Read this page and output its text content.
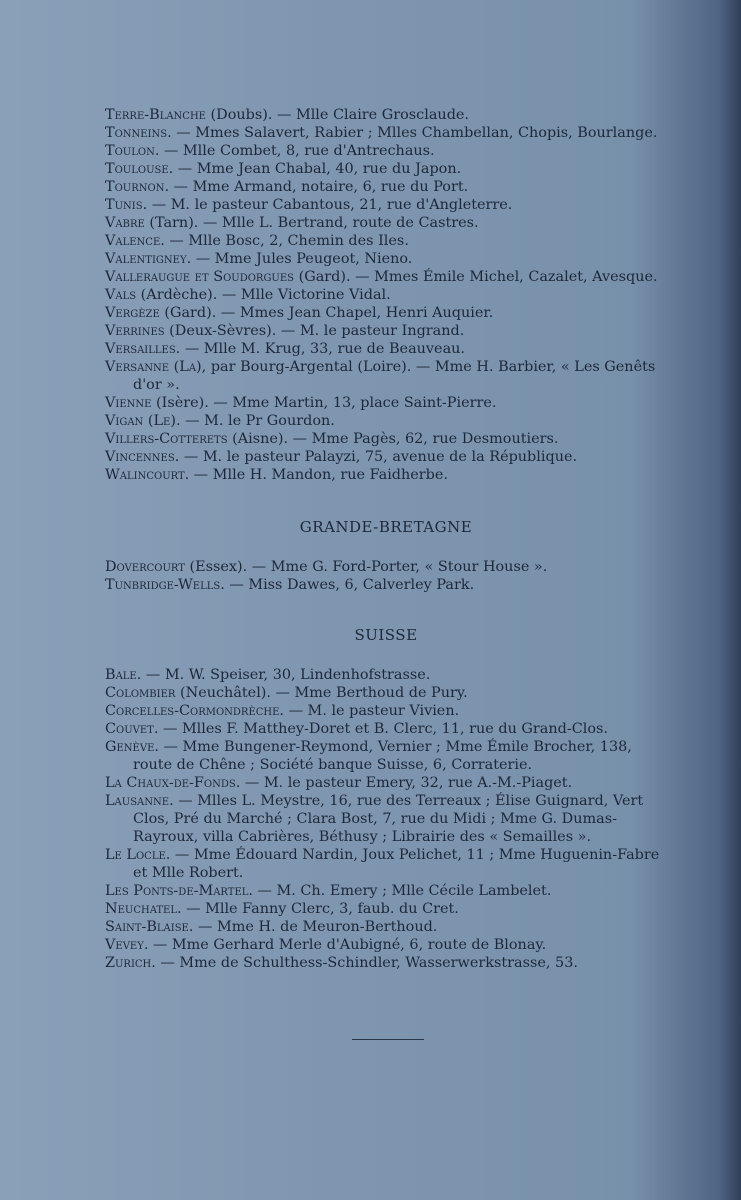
Terre-Blanche (Doubs). — Mlle Claire Grosclaude.

Tonneins. — Mmes Salavert, Rabier ; Mlles Chambellan, Chopis, Bourlange.

Toulon. — Mlle Combet, 8, rue d'Antrechaus.

Toulouse. — Mme Jean Chabal, 40, rue du Japon.

Tournon. — Mme Armand, notaire, 6, rue du Port.

Tunis. — M. le pasteur Cabantous, 21, rue d'Angleterre.

Vabre (Tarn). — Mlle L. Bertrand, route de Castres.

Valence. — Mlle Bosc, 2, Chemin des Iles.

Valentigney. — Mme Jules Peugeot, Nieno.

Valleraugue et Soudorgues (Gard). — Mmes Émile Michel, Cazalet, Avesque.

Vals (Ardèche). — Mlle Victorine Vidal.

Vergèze (Gard). — Mmes Jean Chapel, Henri Auquier.

Verrines (Deux-Sèvres). — M. le pasteur Ingrand.

Versailles. — Mlle M. Krug, 33, rue de Beauveau.

Versanne (La), par Bourg-Argental (Loire). — Mme H. Barbier, « Les Genêts d'or ».

Vienne (Isère). — Mme Martin, 13, place Saint-Pierre.

Vigan (Le). — M. le Pr Gourdon.

Villers-Cotterets (Aisne). — Mme Pagès, 62, rue Desmoutiers.

Vincennes. — M. le pasteur Palayzi, 75, avenue de la République.

Walincourt. — Mlle H. Mandon, rue Faidherbe.

GRANDE-BRETAGNE

Dovercourt (Essex). — Mme G. Ford-Porter, « Stour House ».

Tunbridge-Wells. — Miss Dawes, 6, Calverley Park.

SUISSE

Bale. — M. W. Speiser, 30, Lindenhofstrasse.

Colombier (Neuchâtel). — Mme Berthoud de Pury.

Corcelles-Cormondrèche. — M. le pasteur Vivien.

Couvet. — Mlles F. Matthey-Doret et B. Clerc, 11, rue du Grand-Clos.

Genève. — Mme Bungener-Reymond, Vernier ; Mme Émile Brocher, 138, route de Chêne ; Société banque Suisse, 6, Corraterie.

La Chaux-de-Fonds. — M. le pasteur Emery, 32, rue A.-M.-Piaget.

Lausanne. — Mlles L. Meystre, 16, rue des Terreaux ; Élise Guignard, Vert Clos, Pré du Marché ; Clara Bost, 7, rue du Midi ; Mme G. Dumas-Rayroux, villa Cabrières, Béthusy ; Librairie des « Semailles ».

Le Locle. — Mme Édouard Nardin, Joux Pelichet, 11 ; Mme Huguenin-Fabre et Mlle Robert.

Les Ponts-de-Martel. — M. Ch. Emery ; Mlle Cécile Lambelet.

Neuchatel. — Mlle Fanny Clerc, 3, faub. du Cret.

Saint-Blaise. — Mme H. de Meuron-Berthoud.

Vevey. — Mme Gerhard Merle d'Aubigné, 6, route de Blonay.

Zurich. — Mme de Schulthess-Schindler, Wasserwerkstrasse, 53.
